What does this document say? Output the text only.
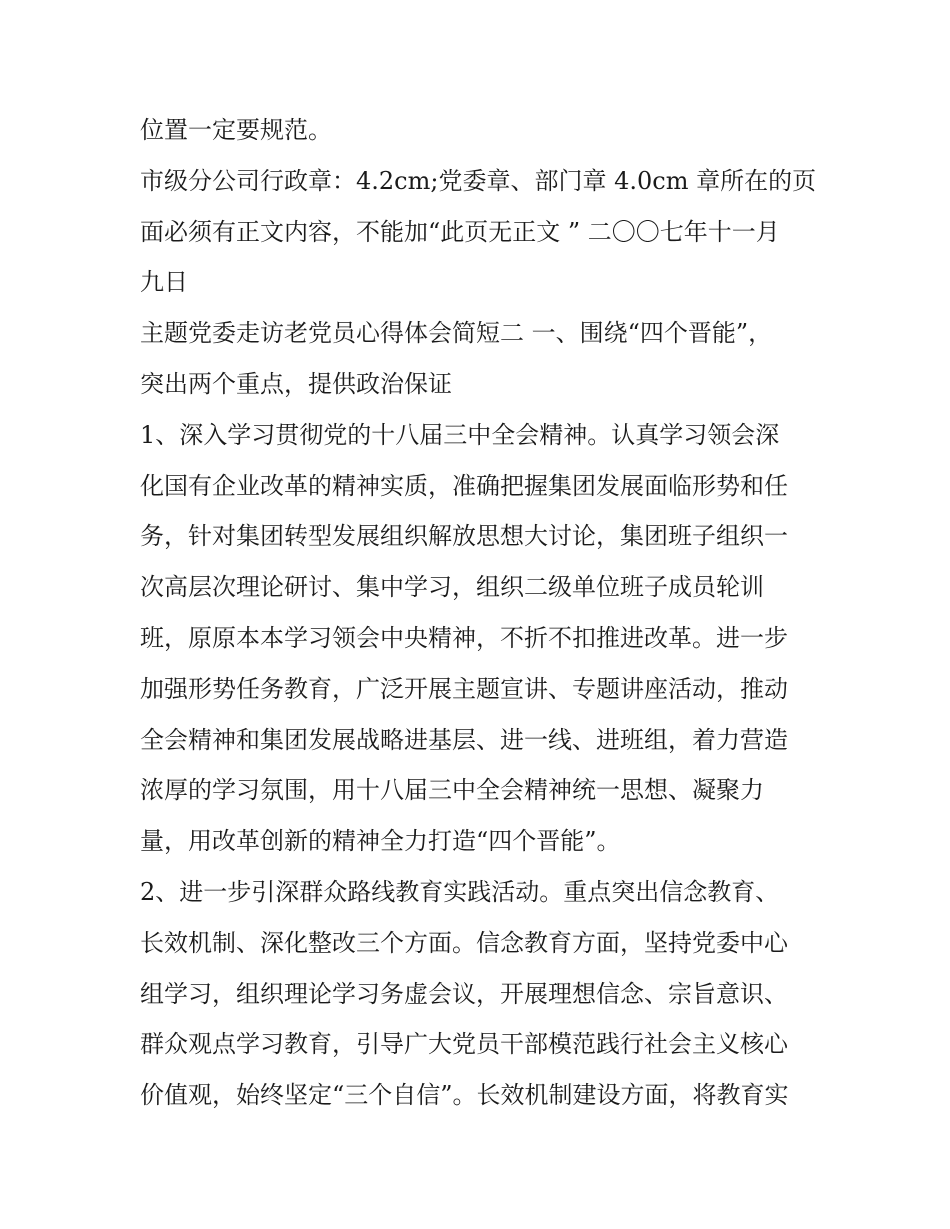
位置一定要规范。
市级分公司行政章：4.2cm;党委章、部门章 4.0cm 章所在的页
面必须有正文内容，不能加“此页无正文 ” 二〇〇七年十一月
九日
主题党委走访老党员心得体会简短二 一、围绕“四个晋能”，
突出两个重点，提供政治保证
1、深入学习贯彻党的十八届三中全会精神。认真学习领会深
化国有企业改革的精神实质，准确把握集团发展面临形势和任
务，针对集团转型发展组织解放思想大讨论，集团班子组织一
次高层次理论研讨、集中学习，组织二级单位班子成员轮训
班，原原本本学习领会中央精神，不折不扣推进改革。进一步
加强形势任务教育，广泛开展主题宣讲、专题讲座活动，推动
全会精神和集团发展战略进基层、进一线、进班组，着力营造
浓厚的学习氛围，用十八届三中全会精神统一思想、凝聚力
量，用改革创新的精神全力打造“四个晋能”。
2、进一步引深群众路线教育实践活动。重点突出信念教育、
长效机制、深化整改三个方面。信念教育方面，坚持党委中心
组学习，组织理论学习务虚会议，开展理想信念、宗旨意识、
群众观点学习教育，引导广大党员干部模范践行社会主义核心
价值观，始终坚定“三个自信”。长效机制建设方面，将教育实
